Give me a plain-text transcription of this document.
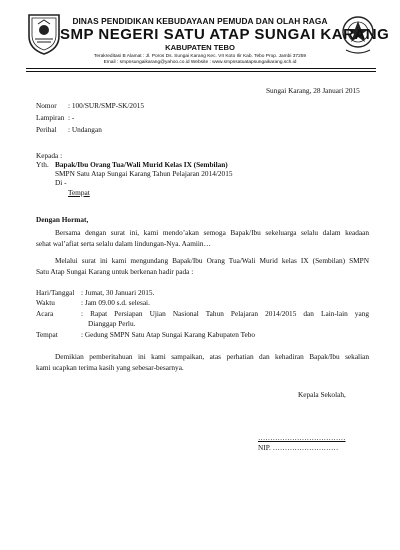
DINAS PENDIDIKAN KEBUDAYAAN PEMUDA DAN OLAH RAGA
SMP NEGERI SATU ATAP SUNGAI KARANG
KABUPATEN TEBO
Terakreditasi B Alamat : Jl. Poros Ds. Sungai Karang Kec. VII Koto Ilir Kab. Tebo Prop. Jambi 37259
Email : smpnsungaikarang@yahoo.co.id Website : www.smpnsatuatapsungaikarang.sch.id
Sungai Karang, 28 Januari 2015
Nomor : 100/SUR/SMP-SK/2015
Lampiran : -
Perihal : Undangan
Kepada :
Yth. Bapak/Ibu Orang Tua/Wali Murid Kelas IX (Sembilan)
SMPN Satu Atap Sungai Karang Tahun Pelajaran 2014/2015
Di -
Tempat
Dengan Hormat,
Bersama dengan surat ini, kami mendo’akan semoga Bapak/Ibu sekeluarga selalu dalam keadaan
sehat wal’afiat serta selalu dalam lindungan-Nya. Aamiin…
Melalui surat ini kami mengundang Bapak/Ibu Orang Tua/Wali Murid kelas IX (Sembilan) SMPN
Satu Atap Sungai Karang untuk berkenan hadir pada :
Hari/Tanggal : Jumat, 30 Januari 2015.
Waktu	: Jam 09.00 s.d. selesai.
Acara	: Rapat Persiapan Ujian Nasional Tahun Pelajaran 2014/2015 dan Lain-lain yang
Dianggap Perlu.
Tempat	: Gedung SMPN Satu Atap Sungai Karang Kabupaten Tebo
Demikian pemberitahuan ini kami sampaikan, atas perhatian dan kehadiran Bapak/Ibu sekalian
kami ucapkan terima kasih yang sebesar-besarnya.
Kepala Sekolah,
………………………………
NIP. ………………………
